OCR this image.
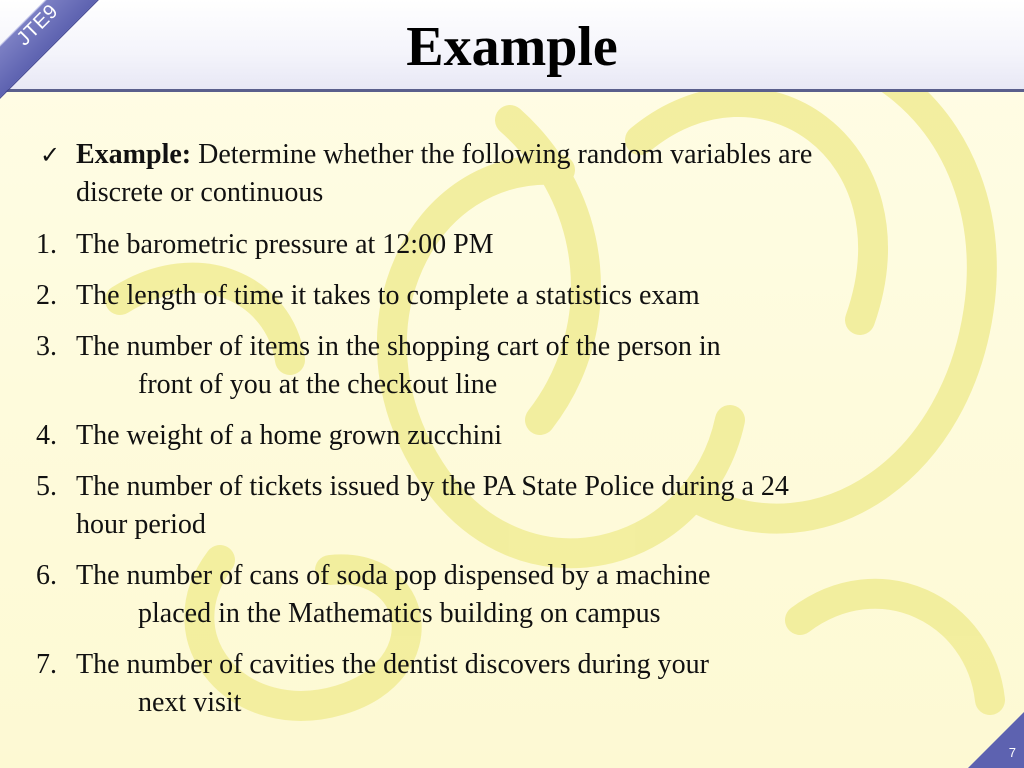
Example
JTE9
✓ Example: Determine whether the following random variables are
discrete or continuous
1. The barometric pressure at 12:00 PM
2. The length of time it takes to complete a statistics exam
3. The number of items in the shopping cart of the person in
front of you at the checkout line
4. The weight of a home grown zucchini
5. The number of tickets issued by the PA State Police during a 24
hour period
6. The number of cans of soda pop dispensed by a machine
placed in the Mathematics building on campus
7. The number of cavities the dentist discovers during your
next visit
7
